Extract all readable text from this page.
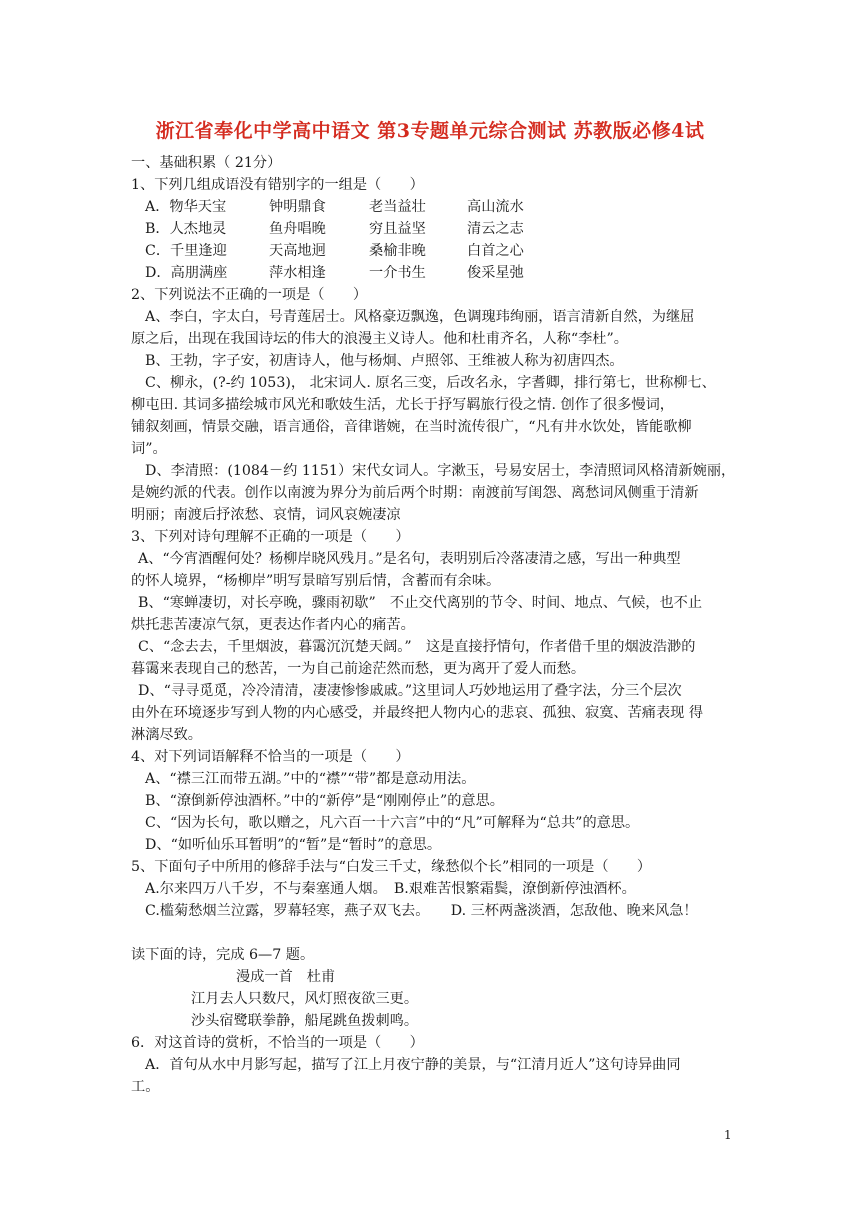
浙江省奉化中学高中语文 第3专题单元综合测试 苏教版必修4试
一、基础积累（ 21分）
1、下列几组成语没有错别字的一组是（　　）
A．物华天宝	钟明鼎食	老当益壮	高山流水
B．人杰地灵	鱼舟唱晚	穷且益坚	清云之志
C．千里逢迎	天高地迥	桑榆非晚	白首之心
D．高朋满座	萍水相逢	一介书生	俊采星弛
2、下列说法不正确的一项是（　　）
A、李白，字太白，号青莲居士。风格豪迈飘逸，色调瑰玮绚丽，语言清新自然，为继屈
原之后，出现在我国诗坛的伟大的浪漫主义诗人。他和杜甫齐名，人称“李杜”。
B、王勃，字子安，初唐诗人，他与杨炯、卢照邻、王维被人称为初唐四杰。
C、柳永，(?-约 1053)， 北宋词人. 原名三变，后改名永，字耆卿，排行第七，世称柳七、
柳屯田. 其词多描绘城市风光和歌妓生活，尤长于抒写羁旅行役之情. 创作了很多慢词，
铺叙刻画，情景交融，语言通俗，音律谐婉，在当时流传很广，“凡有井水饮处，皆能歌柳
词”。
D、李清照：(1084－约 1151）宋代女词人。字漱玉，号易安居士，李清照词风格清新婉丽，
是婉约派的代表。创作以南渡为界分为前后两个时期：南渡前写闺怨、离愁词风侧重于清新
明丽；南渡后抒浓愁、哀情，词风哀婉凄凉
3、下列对诗句理解不正确的一项是（　　）
A、“今宵酒醒何处？杨柳岸晓风残月。”是名句，表明别后冷落凄清之感，写出一种典型
的怀人境界，“杨柳岸”明写景暗写别后情，含蓄而有余味。
B、“寒蝉凄切，对长亭晚，骤雨初歇”　不止交代离别的节令、时间、地点、气候，也不止
烘托悲苦凄凉气氛，更表达作者内心的痛苦。
C、“念去去，千里烟波，暮霭沉沉楚天阔。”　这是直接抒情句，作者借千里的烟波浩渺的
暮霭来表现自己的愁苦，一为自己前途茫然而愁，更为离开了爱人而愁。
D、“寻寻觅觅，冷冷清清，凄凄惨惨戚戚。”这里词人巧妙地运用了叠字法，分三个层次
由外在环境逐步写到人物的内心感受，并最终把人物内心的悲哀、孤独、寂寞、苦痛表现 得
淋漓尽致。
4、对下列词语解释不恰当的一项是（　　）
A、“襟三江而带五湖。”中的“襟”“带”都是意动用法。
B、“潦倒新停浊酒杯。”中的“新停”是“刚刚停止”的意思。
C、“因为长句，歌以赠之，凡六百一十六言”中的“凡”可解释为“总共”的意思。
D、“如听仙乐耳暂明”的“暂”是“暂时”的意思。
5、下面句子中所用的修辞手法与“白发三千丈，缘愁似个长”相同的一项是（　　）
A.尔来四万八千岁，不与秦塞通人烟。　B.艰难苦恨繁霜鬓，潦倒新停浊酒杯。
C.槛菊愁烟兰泣露，罗幕轻寒，燕子双飞去。　　D. 三杯两盏淡酒，怎敌他、晚来风急！
读下面的诗，完成 6—7 题。
漫成一首 杜甫
江月去人只数尺，风灯照夜欲三更。
沙头宿鹭联拳静，船尾跳鱼拨刺鸣。
6．对这首诗的赏析，不恰当的一项是（　　）
A．首句从水中月影写起，描写了江上月夜宁静的美景，与“江清月近人”这句诗异曲同
工。
1
